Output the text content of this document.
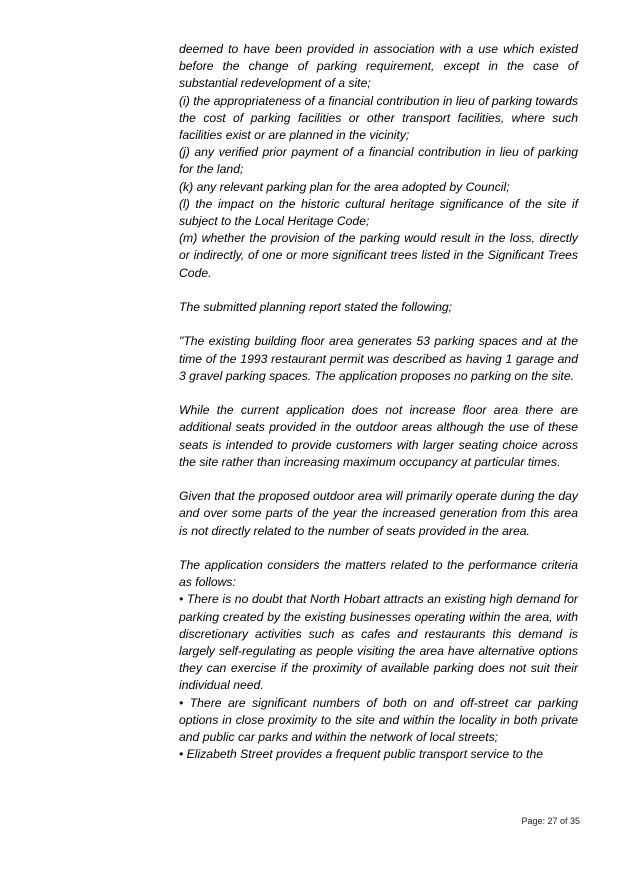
deemed to have been provided in association with a use which existed before the change of parking requirement, except in the case of substantial redevelopment of a site;

(i) the appropriateness of a financial contribution in lieu of parking towards the cost of parking facilities or other transport facilities, where such facilities exist or are planned in the vicinity;

(j) any verified prior payment of a financial contribution in lieu of parking for the land;

(k) any relevant parking plan for the area adopted by Council;

(l) the impact on the historic cultural heritage significance of the site if subject to the Local Heritage Code;

(m) whether the provision of the parking would result in the loss, directly or indirectly, of one or more significant trees listed in the Significant Trees Code.

The submitted planning report stated the following;

"The existing building floor area generates 53 parking spaces and at the time of the 1993 restaurant permit was described as having 1 garage and 3 gravel parking spaces. The application proposes no parking on the site.

While the current application does not increase floor area there are additional seats provided in the outdoor areas although the use of these seats is intended to provide customers with larger seating choice across the site rather than increasing maximum occupancy at particular times.

Given that the proposed outdoor area will primarily operate during the day and over some parts of the year the increased generation from this area is not directly related to the number of seats provided in the area.

The application considers the matters related to the performance criteria as follows:

• There is no doubt that North Hobart attracts an existing high demand for parking created by the existing businesses operating within the area, with discretionary activities such as cafes and restaurants this demand is largely self-regulating as people visiting the area have alternative options they can exercise if the proximity of available parking does not suit their individual need.

• There are significant numbers of both on and off-street car parking options in close proximity to the site and within the locality in both private and public car parks and within the network of local streets;

• Elizabeth Street provides a frequent public transport service to the

Page: 27 of 35
